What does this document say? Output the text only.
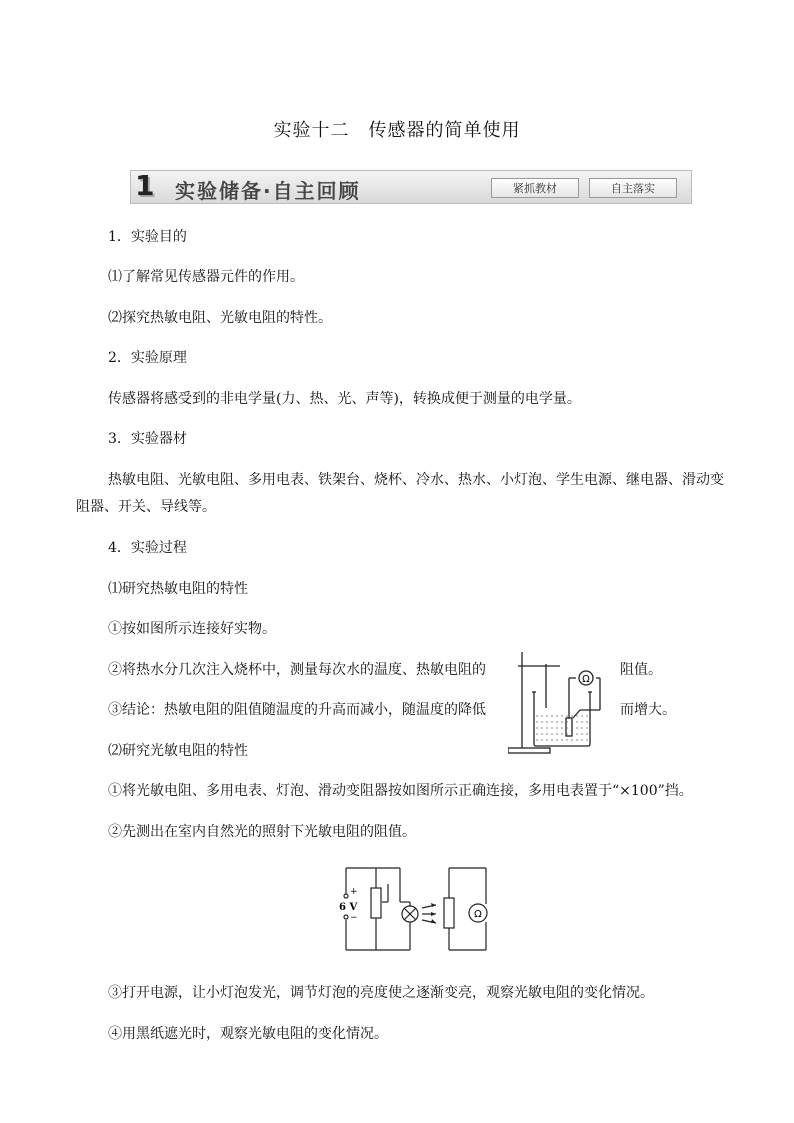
实验十二　传感器的简单使用
1 实验储备·自主回顾	紧抓教材	自主落实
1．实验目的
⑴了解常见传感器元件的作用。
⑵探究热敏电阻、光敏电阻的特性。
2．实验原理
传感器将感受到的非电学量(力、热、光、声等)，转换成便于测量的电学量。
3．实验器材
热敏电阻、光敏电阻、多用电表、铁架台、烧杯、冷水、热水、小灯泡、学生电源、继电器、滑动变
阻器、开关、导线等。
4．实验过程
⑴研究热敏电阻的特性
①按如图所示连接好实物。
②将热水分几次注入烧杯中，测量每次水的温度、热敏电阻的	阻值。
③结论：热敏电阻的阻值随温度的升高而减小，随温度的降低	而增大。
⑵研究光敏电阻的特性
①将光敏电阻、多用电表、灯泡、滑动变阻器按如图所示正确连接，多用电表置于“×100”挡。
②先测出在室内自然光的照射下光敏电阻的阻值。
③打开电源，让小灯泡发光，调节灯泡的亮度使之逐渐变亮，观察光敏电阻的变化情况。
④用黑纸遮光时，观察光敏电阻的变化情况。
Ω
+
6 V
−	Ω
